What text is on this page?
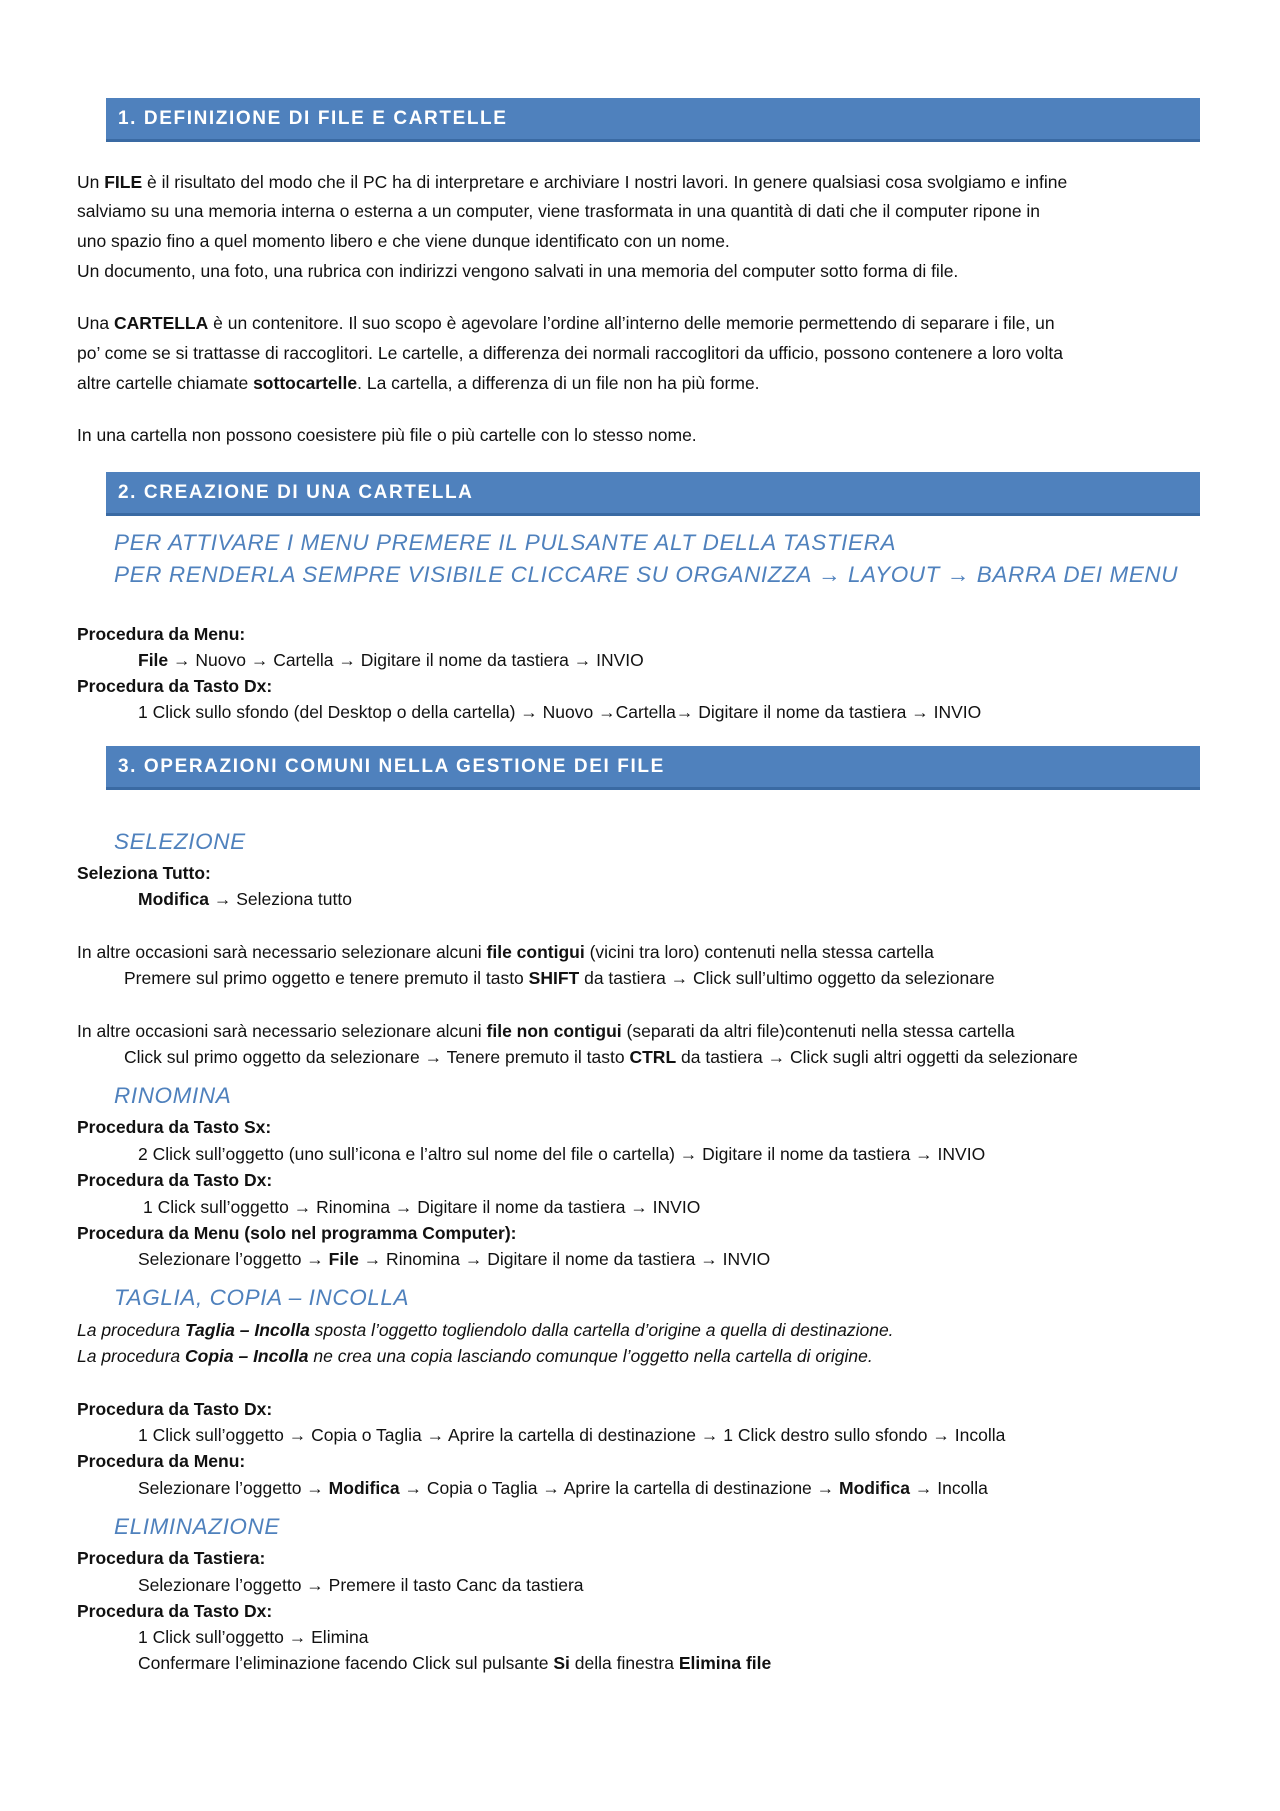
1. DEFINIZIONE DI FILE E CARTELLE
Un FILE è il risultato del modo che il PC ha di interpretare e archiviare I nostri lavori. In genere qualsiasi cosa svolgiamo e infine
salviamo su una memoria interna o esterna a un computer, viene trasformata in una quantità di dati che il computer ripone in
uno spazio fino a quel momento libero e che viene dunque identificato con un nome.
Un documento, una foto, una rubrica con indirizzi vengono salvati in una memoria del computer sotto forma di file.
Una CARTELLA è un contenitore. Il suo scopo è agevolare l’ordine all’interno delle memorie permettendo di separare i file, un
po’ come se si trattasse di raccoglitori. Le cartelle, a differenza dei normali raccoglitori da ufficio, possono contenere a loro volta
altre cartelle chiamate sottocartelle. La cartella, a differenza di un file non ha più forme.
In una cartella non possono coesistere più file o più cartelle con lo stesso nome.
2. CREAZIONE DI UNA CARTELLA
PER ATTIVARE I MENU PREMERE IL PULSANTE ALT DELLA TASTIERA
PER RENDERLA SEMPRE VISIBILE CLICCARE SU ORGANIZZA → LAYOUT → BARRA DEI MENU
Procedura da Menu:
File → Nuovo → Cartella → Digitare il nome da tastiera → INVIO
Procedura da Tasto Dx:
1 Click sullo sfondo (del Desktop o della cartella) → Nuovo →Cartella→ Digitare il nome da tastiera → INVIO
3. OPERAZIONI COMUNI NELLA GESTIONE DEI FILE
SELEZIONE
Seleziona Tutto:
Modifica → Seleziona tutto
In altre occasioni sarà necessario selezionare alcuni file contigui (vicini tra loro) contenuti nella stessa cartella
Premere sul primo oggetto e tenere premuto il tasto SHIFT da tastiera → Click sull’ultimo oggetto da selezionare
In altre occasioni sarà necessario selezionare alcuni file non contigui (separati da altri file)contenuti nella stessa cartella
Click sul primo oggetto da selezionare → Tenere premuto il tasto CTRL da tastiera → Click sugli altri oggetti da selezionare
RINOMINA
Procedura da Tasto Sx:
2 Click sull’oggetto (uno sull’icona e l’altro sul nome del file o cartella) → Digitare il nome da tastiera → INVIO
Procedura da Tasto Dx:
1 Click sull’oggetto → Rinomina → Digitare il nome da tastiera → INVIO
Procedura da Menu (solo nel programma Computer):
Selezionare l’oggetto → File → Rinomina → Digitare il nome da tastiera → INVIO
TAGLIA, COPIA – INCOLLA
La procedura Taglia – Incolla sposta l’oggetto togliendolo dalla cartella d’origine a quella di destinazione.
La procedura Copia – Incolla ne crea una copia lasciando comunque l’oggetto nella cartella di origine.
Procedura da Tasto Dx:
1 Click sull’oggetto → Copia o Taglia → Aprire la cartella di destinazione → 1 Click destro sullo sfondo → Incolla
Procedura da Menu:
Selezionare l’oggetto → Modifica → Copia o Taglia → Aprire la cartella di destinazione → Modifica → Incolla
ELIMINAZIONE
Procedura da Tastiera:
Selezionare l’oggetto → Premere il tasto Canc da tastiera
Procedura da Tasto Dx:
1 Click sull’oggetto → Elimina
Confermare l’eliminazione facendo Click sul pulsante Si della finestra Elimina file
